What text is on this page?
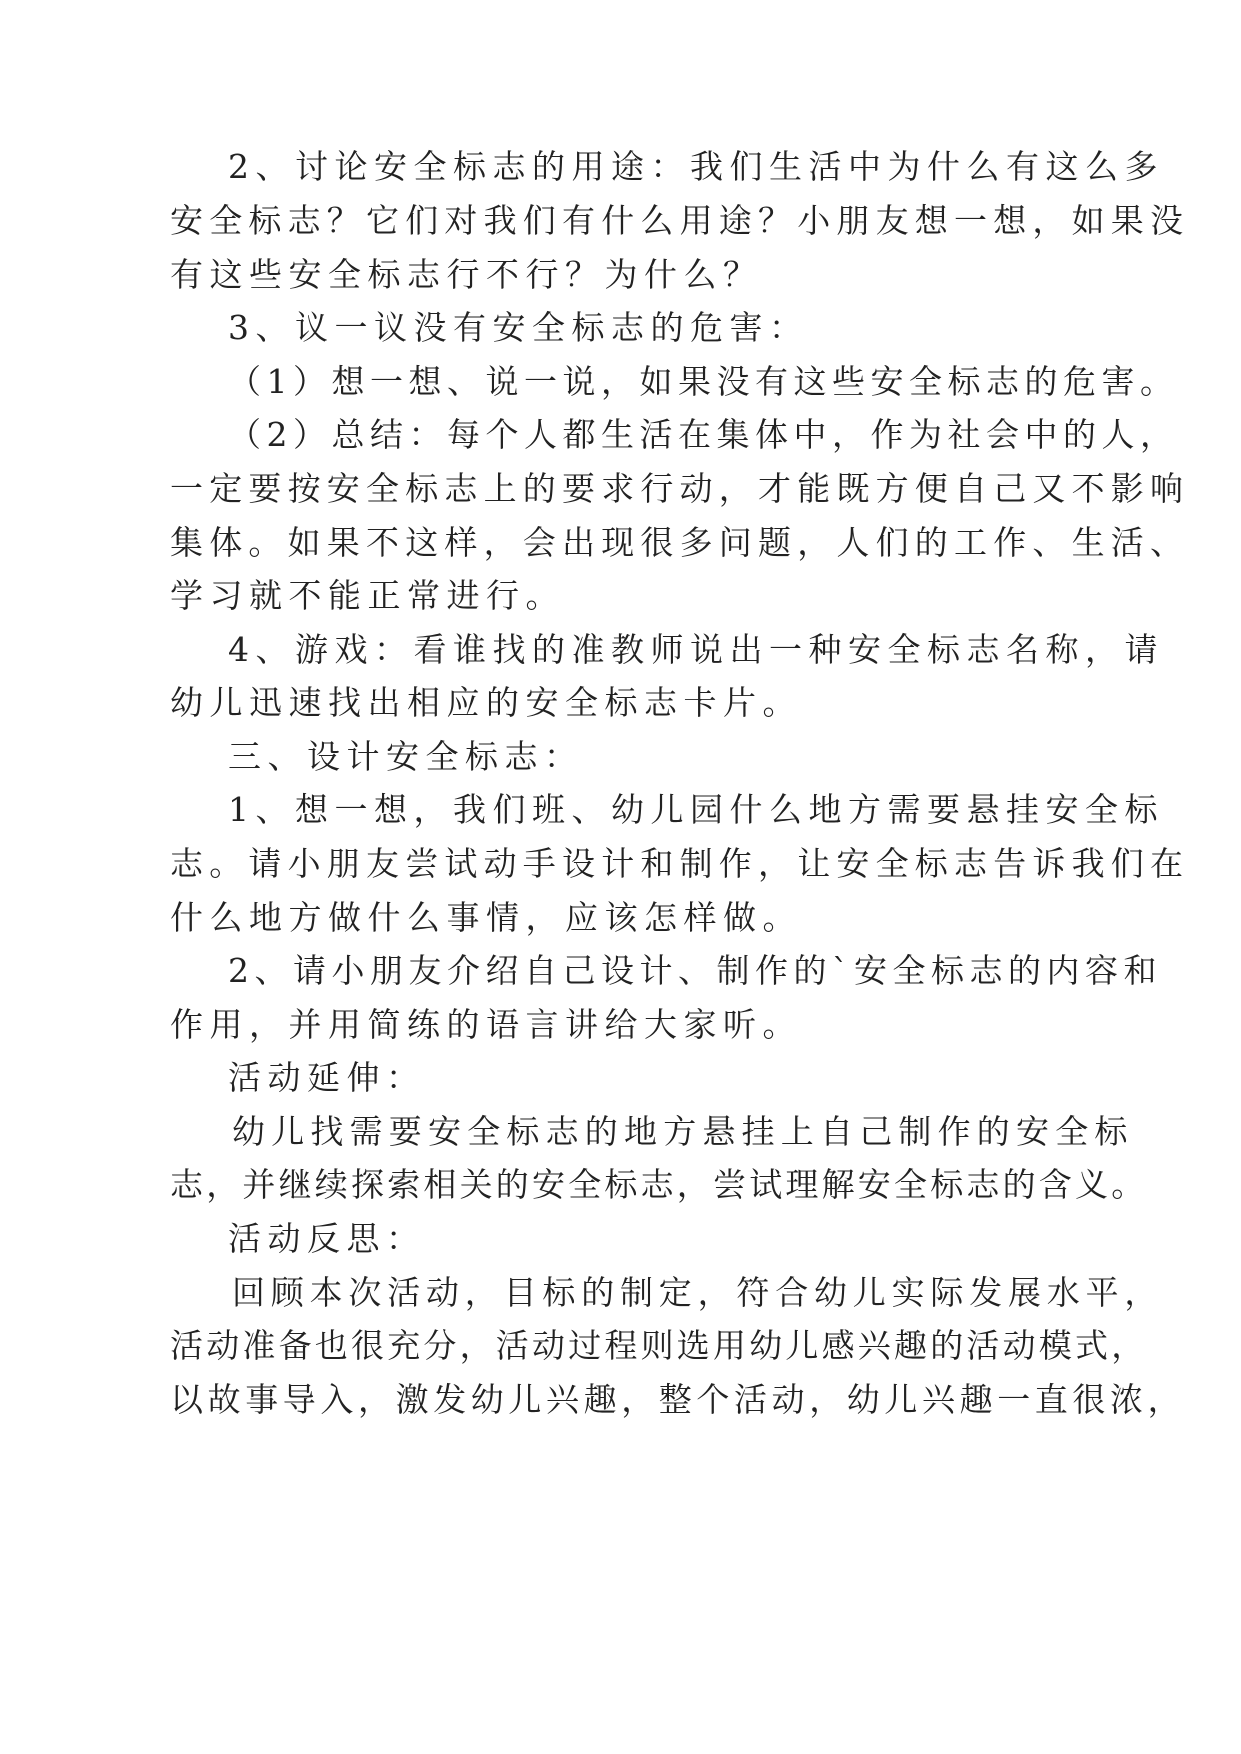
2、讨论安全标志的用途：我们生活中为什么有这么多
安全标志？它们对我们有什么用途？小朋友想一想，如果没
有这些安全标志行不行？为什么？
3、议一议没有安全标志的危害：
（1）想一想、说一说，如果没有这些安全标志的危害。
（2）总结：每个人都生活在集体中，作为社会中的人，
一定要按安全标志上的要求行动，才能既方便自己又不影响
集体。如果不这样，会出现很多问题，人们的工作、生活、
学习就不能正常进行。
4、游戏：看谁找的准教师说出一种安全标志名称，请
幼儿迅速找出相应的安全标志卡片。
三、设计安全标志：
1、想一想，我们班、幼儿园什么地方需要悬挂安全标
志。请小朋友尝试动手设计和制作，让安全标志告诉我们在
什么地方做什么事情，应该怎样做。
2、请小朋友介绍自己设计、制作的`安全标志的内容和
作用，并用简练的语言讲给大家听。
活动延伸：
幼儿找需要安全标志的地方悬挂上自己制作的安全标
志，并继续探索相关的安全标志，尝试理解安全标志的含义。
活动反思：
回顾本次活动，目标的制定，符合幼儿实际发展水平，
活动准备也很充分，活动过程则选用幼儿感兴趣的活动模式，
以故事导入，激发幼儿兴趣，整个活动，幼儿兴趣一直很浓，
